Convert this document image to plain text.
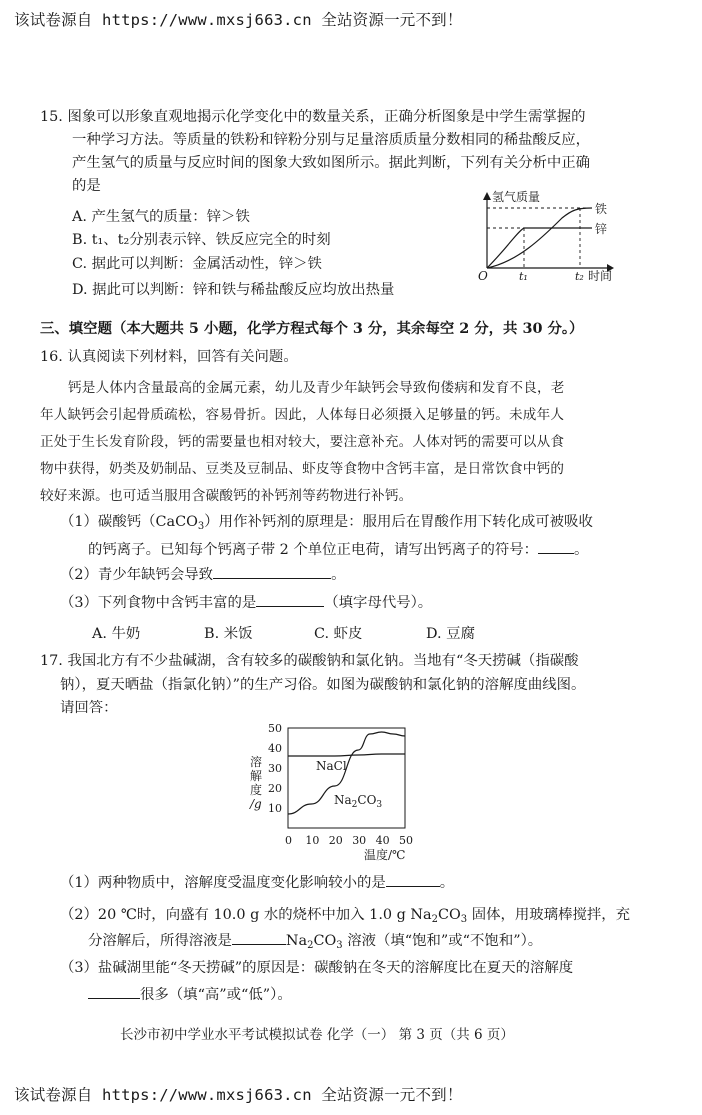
该试卷源自 https://www.mxsj663.cn 全站资源一元不到！
15. 图象可以形象直观地揭示化学变化中的数量关系，正确分析图象是中学生需掌握的
一种学习方法。等质量的铁粉和锌粉分别与足量溶质质量分数相同的稀盐酸反应，
产生氢气的质量与反应时间的图象大致如图所示。据此判断，下列有关分析中正确
的是
A. 产生氢气的质量：锌＞铁
B. t₁、t₂分别表示锌、铁反应完全的时刻
C. 据此可以判断：金属活动性，锌＞铁
D. 据此可以判断：锌和铁与稀盐酸反应均放出热量
氢气质量
O	t₁	t₂ 时间
铁
锌
三、填空题（本大题共 5 小题，化学方程式每个 3 分，其余每空 2 分，共 30 分。）
16. 认真阅读下列材料，回答有关问题。
钙是人体内含量最高的金属元素，幼儿及青少年缺钙会导致佝偻病和发育不良，老
年人缺钙会引起骨质疏松，容易骨折。因此，人体每日必须摄入足够量的钙。未成年人
正处于生长发育阶段，钙的需要量也相对较大，要注意补充。人体对钙的需要可以从食
物中获得，奶类及奶制品、豆类及豆制品、虾皮等食物中含钙丰富，是日常饮食中钙的
较好来源。也可适当服用含碳酸钙的补钙剂等药物进行补钙。
（1）碳酸钙（CaCO$_3$）用作补钙剂的原理是：服用后在胃酸作用下转化成可被吸收
的钙离子。已知每个钙离子带 2 个单位正电荷，请写出钙离子的符号：	。
（2）青少年缺钙会导致	。
（3）下列食物中含钙丰富的是	（填字母代号）。
A. 牛奶	B. 米饭	C. 虾皮	D. 豆腐
17. 我国北方有不少盐碱湖，含有较多的碳酸钠和氯化钠。当地有“冬天捞碱（指碳酸
钠），夏天晒盐（指氯化钠）”的生产习俗。如图为碳酸钠和氯化钠的溶解度曲线图。
请回答：
50
40
30
20
10
0 10 20 30 40 50
溶
解
度
/g
温度/℃
NaCl
$Na_2CO_3$
（1）两种物质中，溶解度受温度变化影响较小的是	。
（2）20 ℃时，向盛有 10.0 g 水的烧杯中加入 1.0 g $Na_2CO_3$ 固体，用玻璃棒搅拌，充
分溶解后，所得溶液是	$Na_2CO_3$ 溶液（填“饱和”或“不饱和”）。
（3）盐碱湖里能“冬天捞碱”的原因是：碳酸钠在冬天的溶解度比在夏天的溶解度
很多（填“高”或“低”）。
长沙市初中学业水平考试模拟试卷 化学（一） 第 3 页（共 6 页）
该试卷源自 https://www.mxsj663.cn 全站资源一元不到！
